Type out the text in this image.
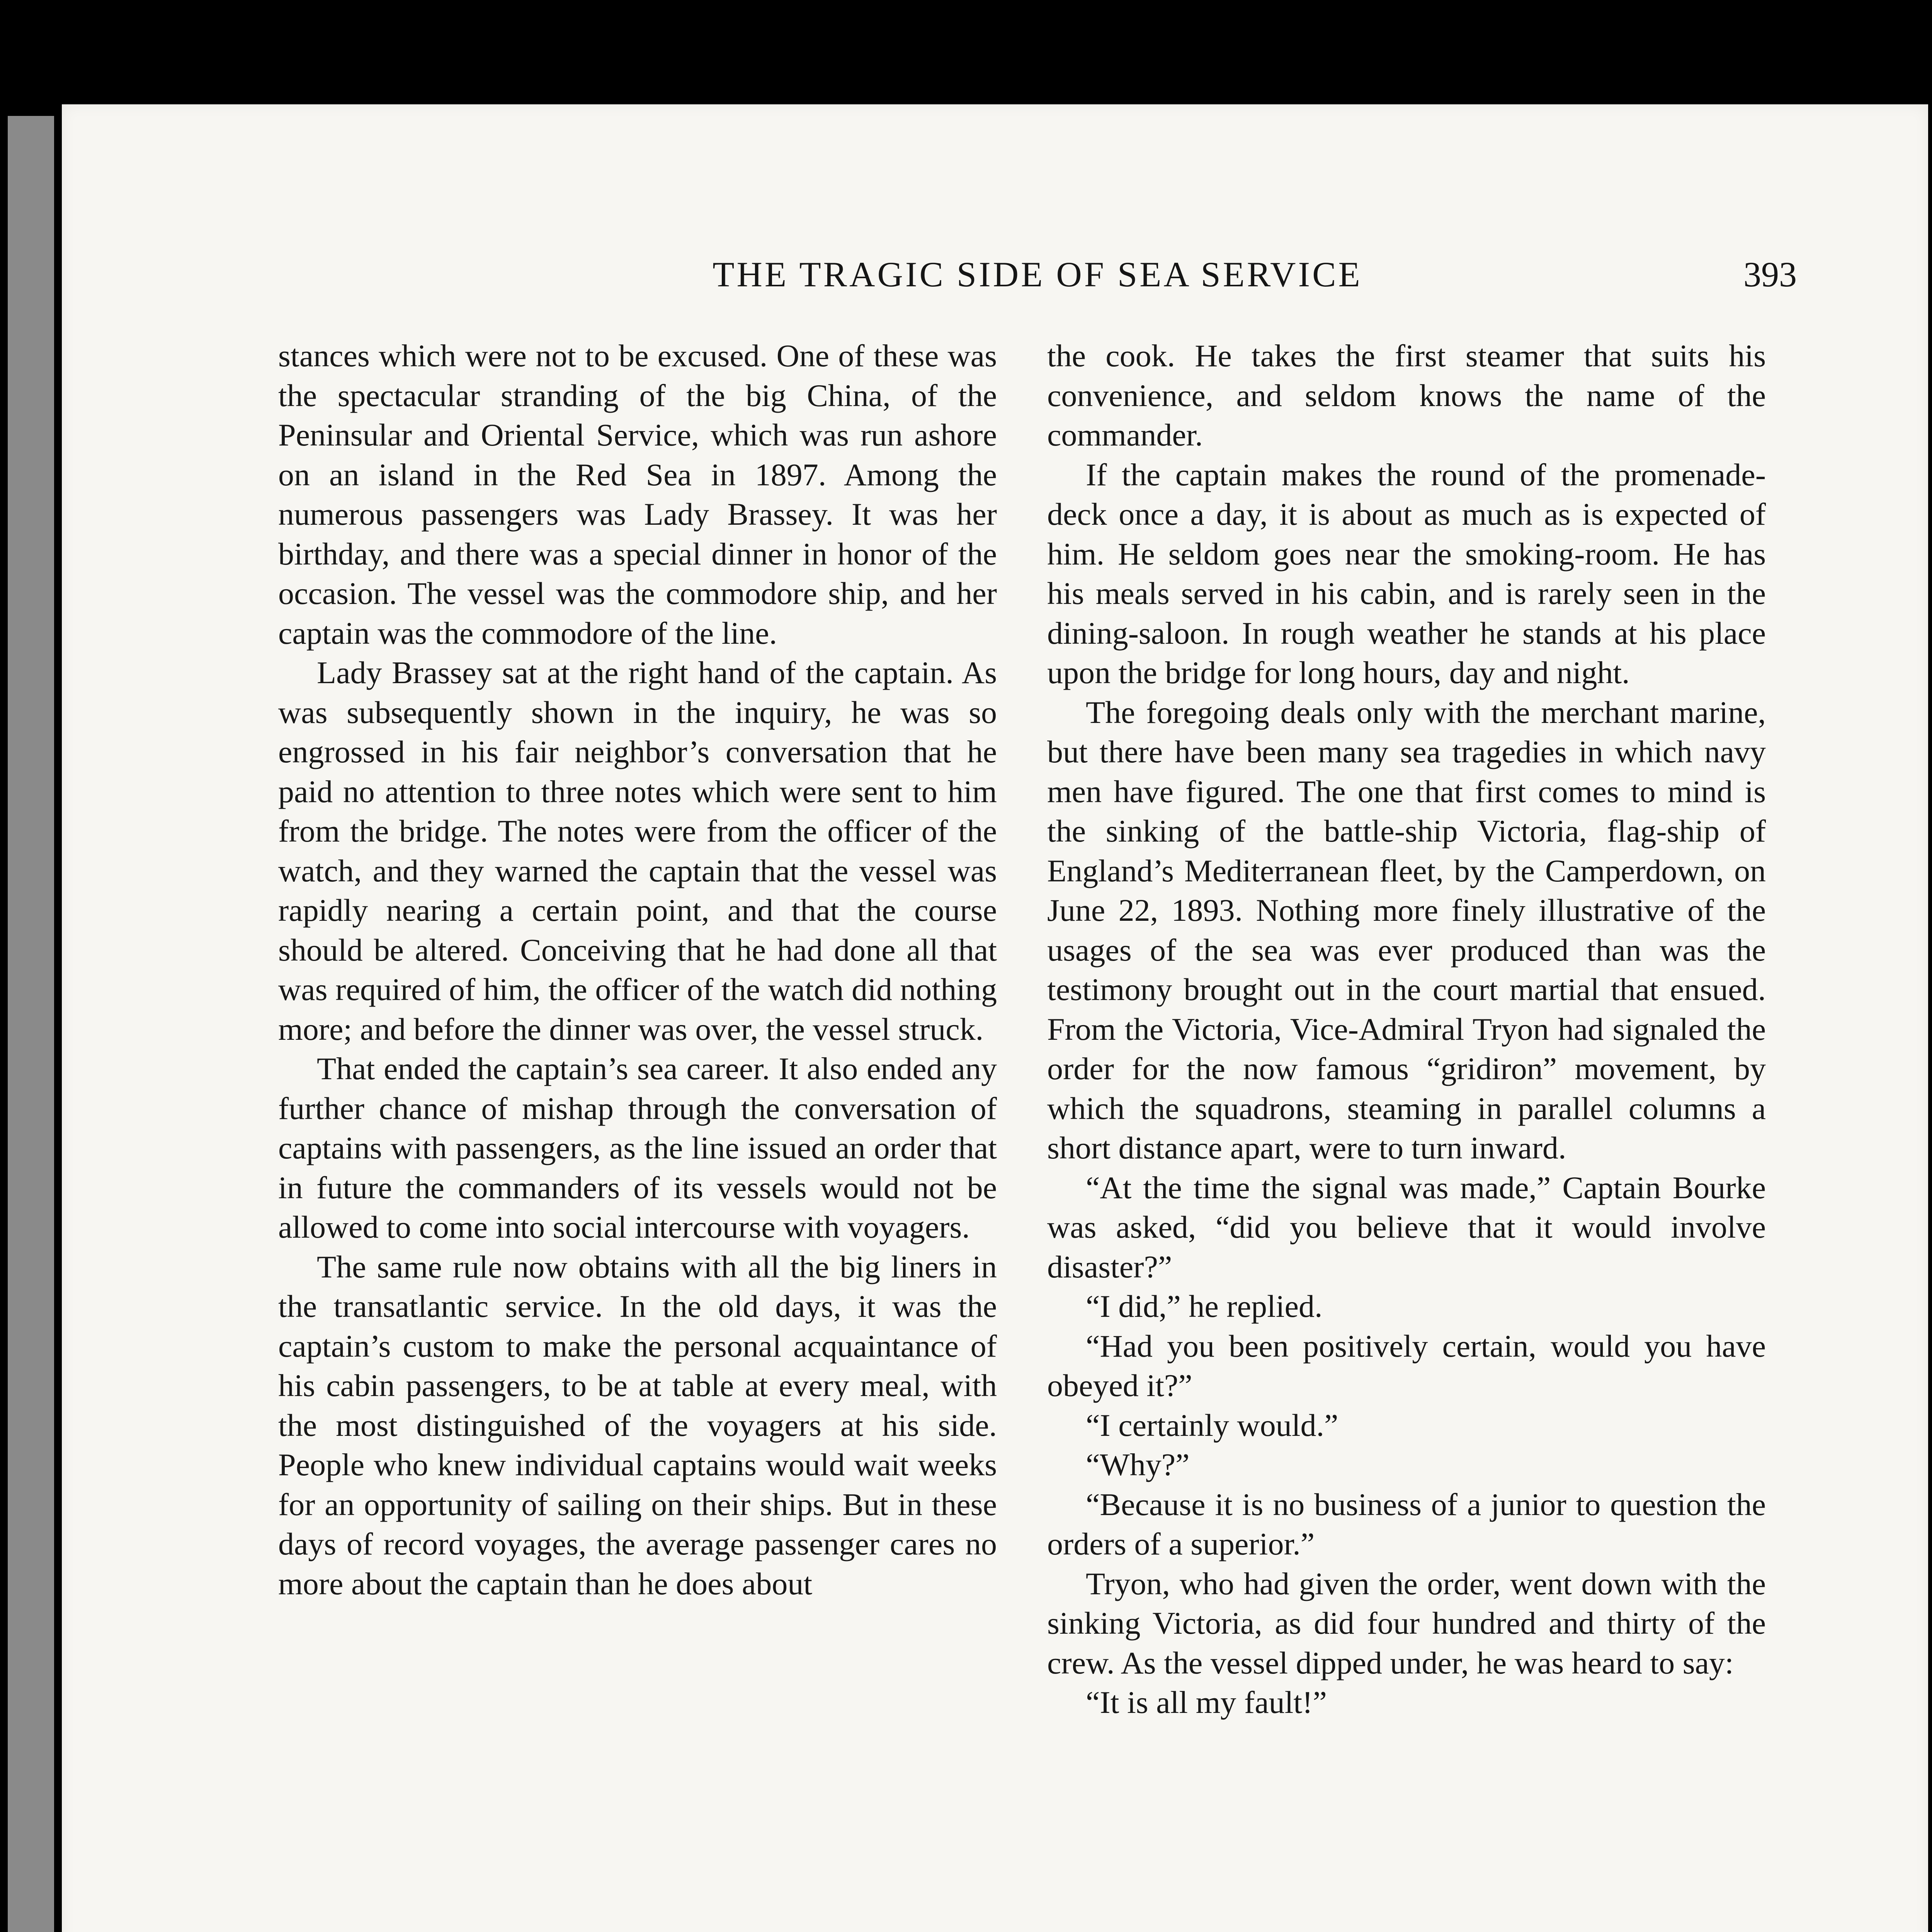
THE TRAGIC SIDE OF SEA SERVICE	393

stances which were not to be excused. One of these was the spectacular stranding of the big China, of the Peninsular and Oriental Service, which was run ashore on an island in the Red Sea in 1897. Among the numerous passengers was Lady Brassey. It was her birthday, and there was a special dinner in honor of the occasion. The vessel was the commodore ship, and her captain was the commodore of the line.

Lady Brassey sat at the right hand of the captain. As was subsequently shown in the inquiry, he was so engrossed in his fair neighbor’s conversation that he paid no attention to three notes which were sent to him from the bridge. The notes were from the officer of the watch, and they warned the captain that the vessel was rapidly nearing a certain point, and that the course should be altered. Conceiving that he had done all that was required of him, the officer of the watch did nothing more; and before the dinner was over, the vessel struck.

That ended the captain’s sea career. It also ended any further chance of mishap through the conversation of captains with passengers, as the line issued an order that in future the commanders of its vessels would not be allowed to come into social intercourse with voyagers.

The same rule now obtains with all the big liners in the transatlantic service. In the old days, it was the captain’s custom to make the personal acquaintance of his cabin passengers, to be at table at every meal, with the most distinguished of the voyagers at his side. People who knew individual captains would wait weeks for an opportunity of sailing on their ships. But in these days of record voyages, the average passenger cares no more about the captain than he does about

the cook. He takes the first steamer that suits his convenience, and seldom knows the name of the commander.

If the captain makes the round of the promenade-deck once a day, it is about as much as is expected of him. He seldom goes near the smoking-room. He has his meals served in his cabin, and is rarely seen in the dining-saloon. In rough weather he stands at his place upon the bridge for long hours, day and night.

The foregoing deals only with the merchant marine, but there have been many sea tragedies in which navy men have figured. The one that first comes to mind is the sinking of the battle-ship Victoria, flag-ship of England’s Mediterranean fleet, by the Camperdown, on June 22, 1893. Nothing more finely illustrative of the usages of the sea was ever produced than was the testimony brought out in the court martial that ensued. From the Victoria, Vice-Admiral Tryon had signaled the order for the now famous “gridiron” movement, by which the squadrons, steaming in parallel columns a short distance apart, were to turn inward.

“At the time the signal was made,” Captain Bourke was asked, “did you believe that it would involve disaster?”

“I did,” he replied.

“Had you been positively certain, would you have obeyed it?”

“I certainly would.”

“Why?”

“Because it is no business of a junior to question the orders of a superior.”

Tryon, who had given the order, went down with the sinking Victoria, as did four hundred and thirty of the crew. As the vessel dipped under, he was heard to say:

“It is all my fault!”
